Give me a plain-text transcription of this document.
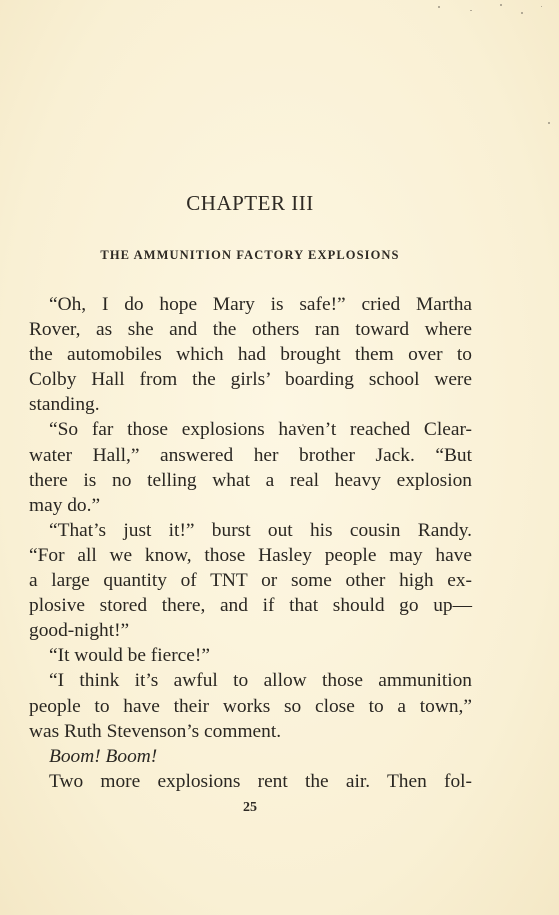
CHAPTER III
THE AMMUNITION FACTORY EXPLOSIONS
“Oh, I do hope Mary is safe!” cried Martha
Rover, as she and the others ran toward where
the automobiles which had brought them over to
Colby Hall from the girls’ boarding school were
standing.
“So far those explosions haven’t reached Clear-
water Hall,” answered her brother Jack. “But
there is no telling what a real heavy explosion
may do.”
“That’s just it!” burst out his cousin Randy.
“For all we know, those Hasley people may have
a large quantity of TNT or some other high ex-
plosive stored there, and if that should go up—
good-night!”
“It would be fierce!”
“I think it’s awful to allow those ammunition
people to have their works so close to a town,”
was Ruth Stevenson’s comment.
Boom! Boom!
Two more explosions rent the air. Then fol-
25
